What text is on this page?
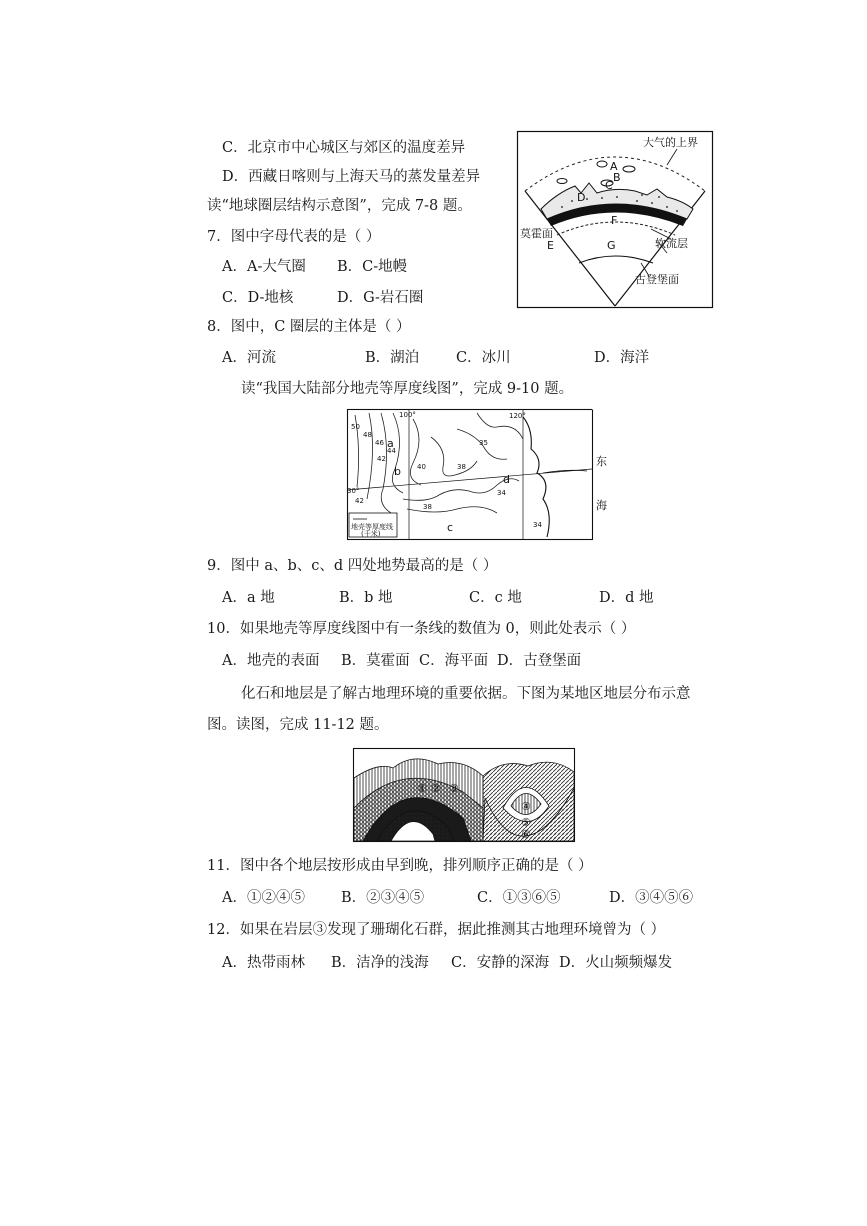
C．北京市中心城区与郊区的温度差异
D．西藏日喀则与上海天马的蒸发量差异
读“地球圈层结构示意图”，完成 7-8 题。
7．图中字母代表的是（ ）
A．A-大气圈 B．C-地幔
C．D-地核	D．G-岩石圈
大气的上界
A
B
C
D
F
G
E
莫霍面
软流层
古登堡面
8．图中，C 圈层的主体是（ ）
A．河流	B．湖泊	C．冰川	D．海洋
读“我国大陆部分地壳等厚度线图”，完成 9-10 题。
地壳等厚度线
(千米)
100°	120°
30°
50
48
46
44
42
40
42
38
38
35
34
34
a
b
c
d
东
海
9．图中 a、b、c、d 四处地势最高的是（ ）
A．a 地	B．b 地	C．c 地	D．d 地
10．如果地壳等厚度线图中有一条线的数值为 0，则此处表示（ ）
A．地壳的表面 B．莫霍面 C．海平面 D．古登堡面
化石和地层是了解古地理环境的重要依据。下图为某地区地层分布示意
图。读图，完成 11-12 题。
① ② ③
④
⑤
⑥
11．图中各个地层按形成由早到晚，排列顺序正确的是（ ）
A．①②④⑤ B．②③④⑤	C．①③⑥⑤	D．③④⑤⑥
12．如果在岩层③发现了珊瑚化石群，据此推测其古地理环境曾为（ ）
A．热带雨林 B．洁净的浅海 C．安静的深海 D．火山频频爆发
